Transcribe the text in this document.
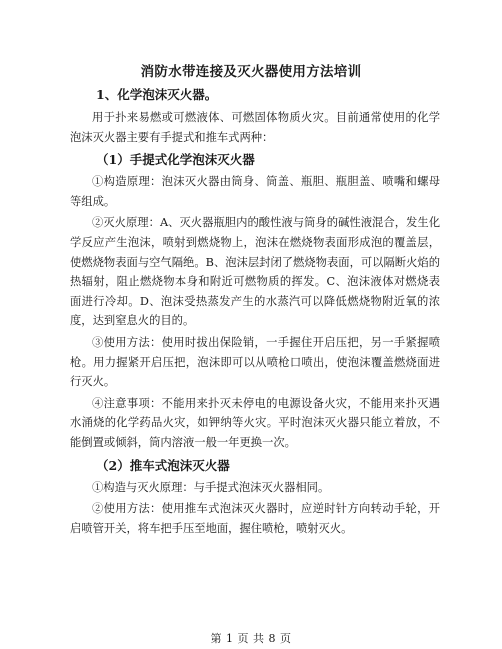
消防水带连接及灭火器使用方法培训
1、化学泡沫灭火器。

用于扑来易燃或可燃液体、可燃固体物质火灾。目前通常使用的化学泡沫灭火器主要有手提式和推车式两种：

（1）手提式化学泡沫灭火器

①构造原理：泡沫灭火器由筒身、筒盖、瓶胆、瓶胆盖、喷嘴和螺母等组成。

②灭火原理：A、灭火器瓶胆内的酸性液与筒身的碱性液混合，发生化学反应产生泡沫，喷射到燃烧物上，泡沫在燃烧物表面形成泡的覆盖层，使燃烧物表面与空气隔绝。B、泡沫层封闭了燃烧物表面，可以隔断火焰的热辐射，阻止燃烧物本身和附近可燃物质的挥发。C、泡沫液体对燃烧表面进行冷却。D、泡沫受热蒸发产生的水蒸汽可以降低燃烧物附近氧的浓度，达到窒息火的目的。

③使用方法：使用时拔出保险销，一手握住开启压把，另一手紧握喷枪。用力握紧开启压把，泡沫即可以从喷枪口喷出，使泡沫覆盖燃烧面进行灭火。

④注意事项：不能用来扑灭未停电的电源设备火灾，不能用来扑灭遇水涌烧的化学药品火灾，如钾纳等火灾。平时泡沫灭火器只能立着放，不能倒置或倾斜，筒内溶液一般一年更换一次。

（2）推车式泡沫灭火器

①构造与灭火原理：与手提式泡沫灭火器相同。

②使用方法：使用推车式泡沫灭火器时，应逆时针方向转动手轮，开启喷管开关，将车把手压至地面，握住喷枪，喷射灭火。

第 1 页 共 8 页
